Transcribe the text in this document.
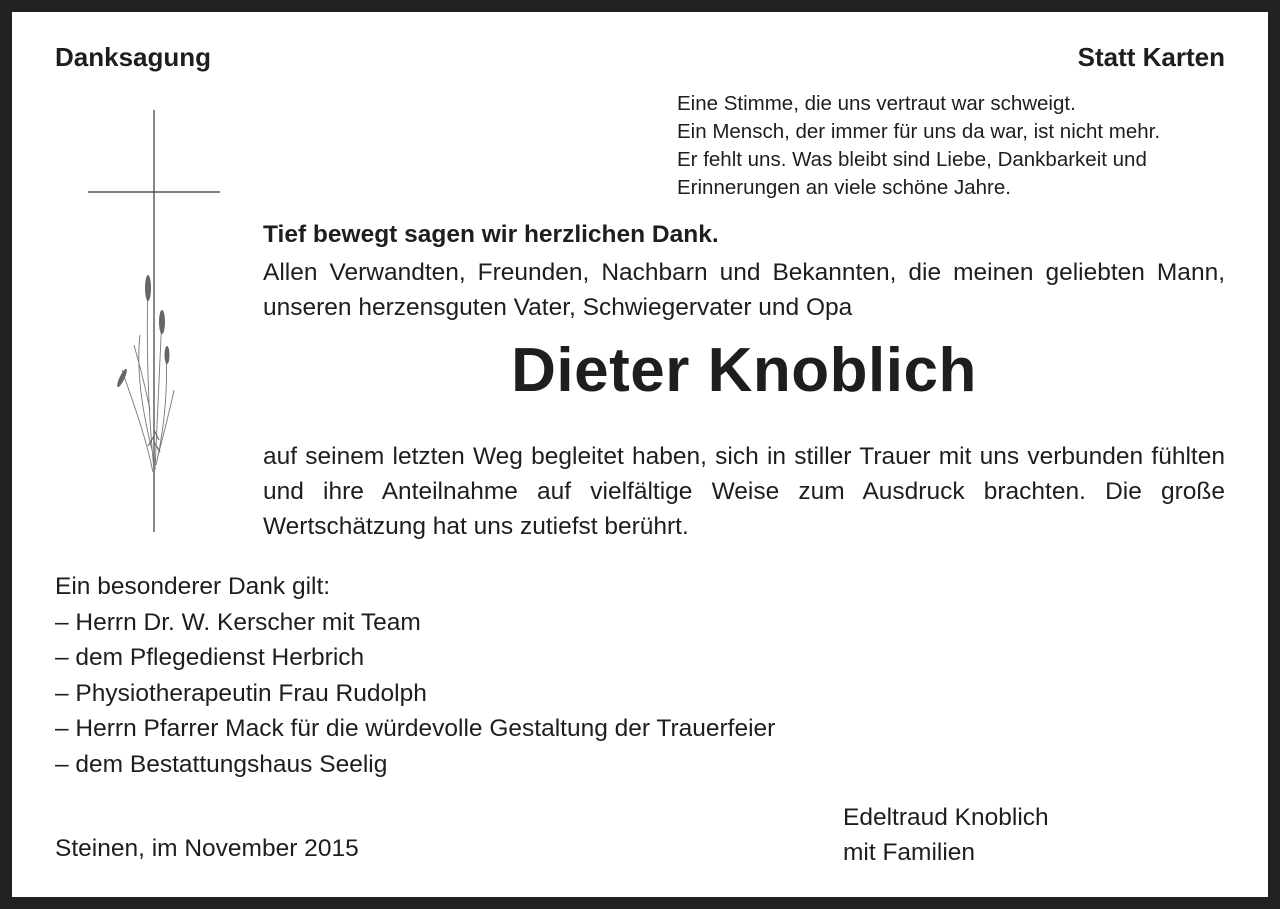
Danksagung	Statt Karten
Eine Stimme, die uns vertraut war schweigt.
Ein Mensch, der immer für uns da war, ist nicht mehr.
Er fehlt uns. Was bleibt sind Liebe, Dankbarkeit und
Erinnerungen an viele schöne Jahre.
Tief bewegt sagen wir herzlichen Dank.
Allen Verwandten, Freunden, Nachbarn und Bekannten, die meinen geliebten Mann, unseren herzensguten Vater, Schwiegervater und Opa
Dieter Knoblich
auf seinem letzten Weg begleitet haben, sich in stiller Trauer mit uns verbunden fühlten und ihre Anteilnahme auf vielfältige Weise zum Ausdruck brachten. Die große Wertschätzung hat uns zutiefst berührt.
Ein besonderer Dank gilt:
– Herrn Dr. W. Kerscher mit Team
– dem Pflegedienst Herbrich
– Physiotherapeutin Frau Rudolph
– Herrn Pfarrer Mack für die würdevolle Gestaltung der Trauerfeier
– dem Bestattungshaus Seelig
Steinen, im November 2015
Edeltraud Knoblich
mit Familien
